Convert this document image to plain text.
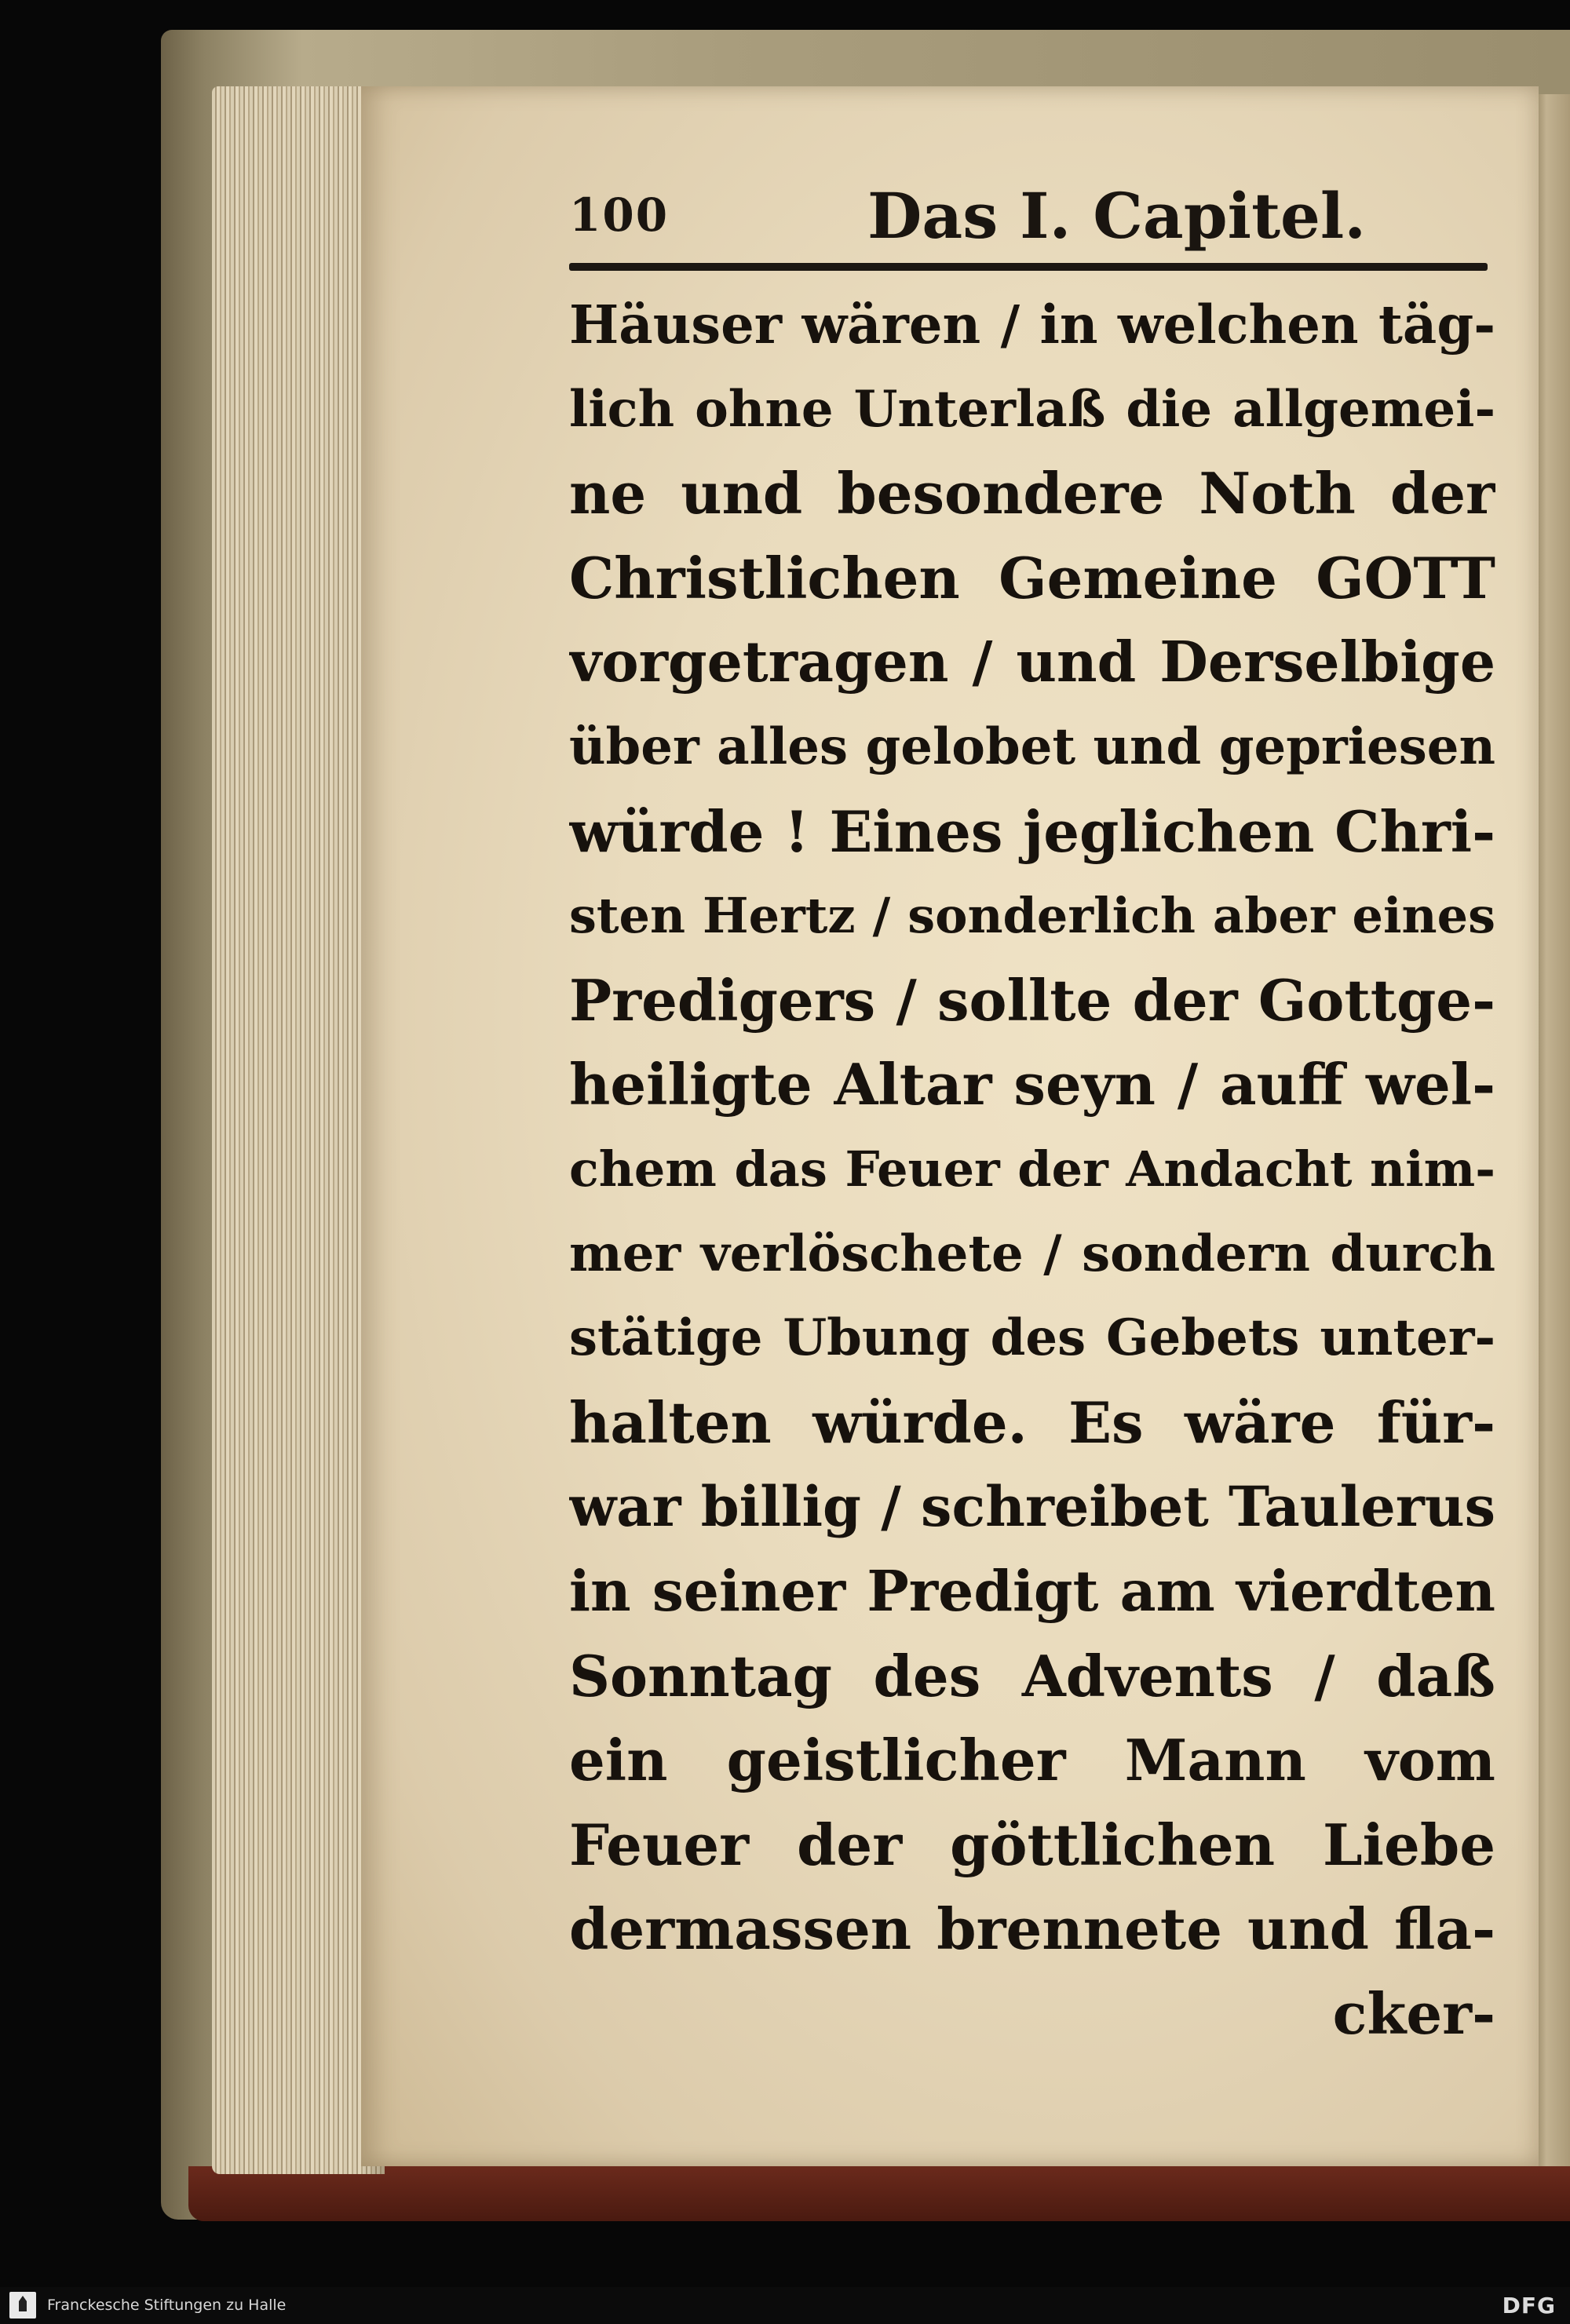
100	Das I. Capitel.
Häuser wären / in welchen täg-
lich ohne Unterlaß die allgemei-
ne und besondere Noth der
Christlichen Gemeine GOTT
vorgetragen / und Derselbige
über alles gelobet und gepriesen
würde ! Eines jeglichen Chri-
sten Hertz / sonderlich aber eines
Predigers / sollte der Gottge-
heiligte Altar seyn / auff wel-
chem das Feuer der Andacht nim-
mer verlöschete / sondern durch
stätige Ubung des Gebets unter-
halten würde. Es wäre für-
war billig / schreibet Taulerus
in seiner Predigt am vierdten
Sonntag des Advents / daß
ein geistlicher Mann vom
Feuer der göttlichen Liebe
dermassen brennete und fla-
cker-
Franckesche Stiftungen zu Halle	DFG
